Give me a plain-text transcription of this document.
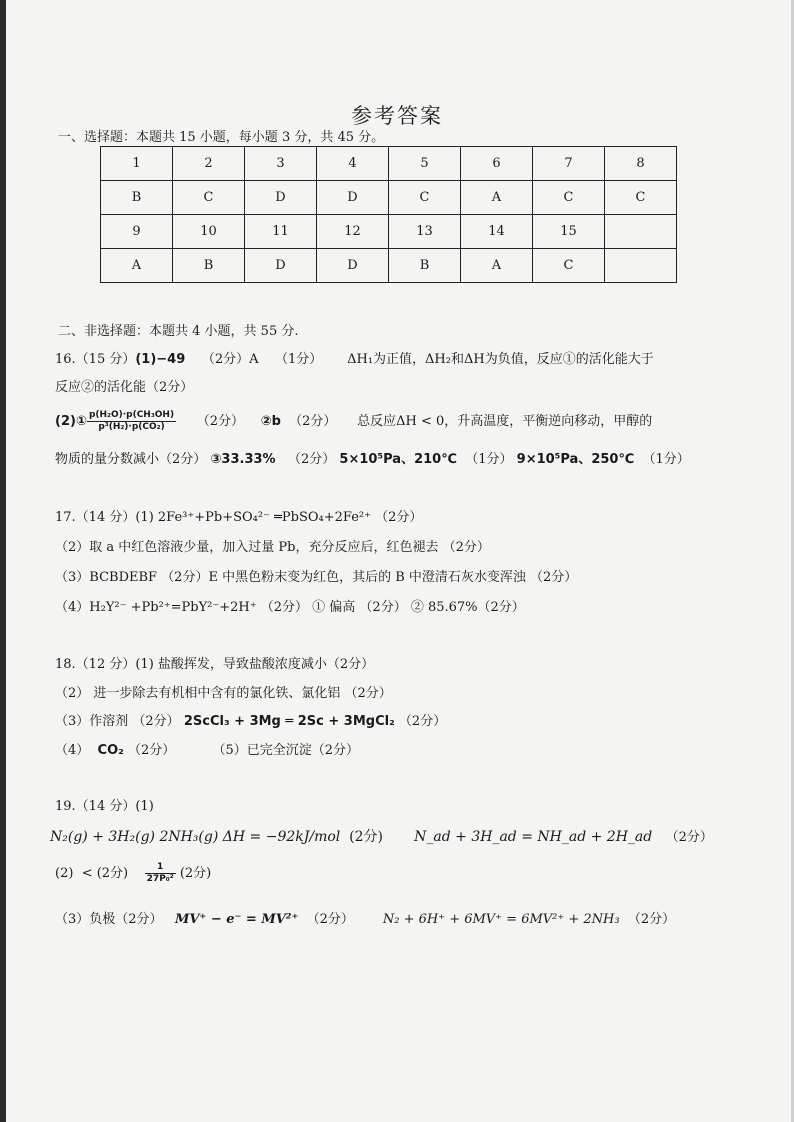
参考答案
一、选择题：本题共 15 小题，每小题 3 分，共 45 分。
1	2	3	4	5	6	7	8
B	C	D	D	C	A	C	C
9	10	11	12	13	14	15	
A	B	D	D	B	A	C	
二、非选择题：本题共 4 小题，共 55 分.
16.（15 分）(1)−49 （2分）A （1分） ΔH₁为正值，ΔH₂和ΔH为负值，反应①的活化能大于
反应②的活化能（2分）
(2)① $\frac{\text{p(H₂O)·p(CH₃OH)}}{\text{p³(H₂)·p(CO₂)}} (2$分） ②b （2分） 总反应ΔH < 0，升高温度，平衡逆向移动，甲醇的
物质的量分数减小（2分） ③33.33% （2分） 5×10⁵Pa、210℃ （1分） 9×10⁵Pa、250℃ （1分）
17.（14 分）(1) 2Fe³⁺+Pb+SO₄²⁻ ═PbSO₄+2Fe²⁺ （2分）
（2）取 a 中红色溶液少量，加入过量 Pb，充分反应后，红色褪去 （2分）
（3）BCBDEBF （2分）E 中黑色粉末变为红色，其后的 B 中澄清石灰水变浑浊 （2分）
（4）H₂Y²⁻ +Pb²⁺=PbY²⁻+2H⁺ （2分） ① 偏高 （2分） ② 85.67%（2分）
18.（12 分）(1) 盐酸挥发，导致盐酸浓度减小（2分）
（2） 进一步除去有机相中含有的氯化铁、氯化铝 （2分）
（3）作溶剂 （2分） 2ScCl₃ + 3Mg ═ 2Sc + 3MgCl₂ （2分）
（4） CO₂ （2分）	（5）已完全沉淀（2分）
19.（14 分）(1)
N₂(g) + 3H₂(g) 2NH₃(g) ΔH = −92kJ/mol (2分) N_ad + 3H_ad = NH_ad + 2H_ad （2分）
(2) < (2分) $\frac{1}{\text{27P₀²}} (2$分)
（3）负极（2分） MV⁺ − e⁻ = MV²⁺ （2分） N₂ + 6H⁺ + 6MV⁺ = 6MV²⁺ + 2NH₃ （2分）
